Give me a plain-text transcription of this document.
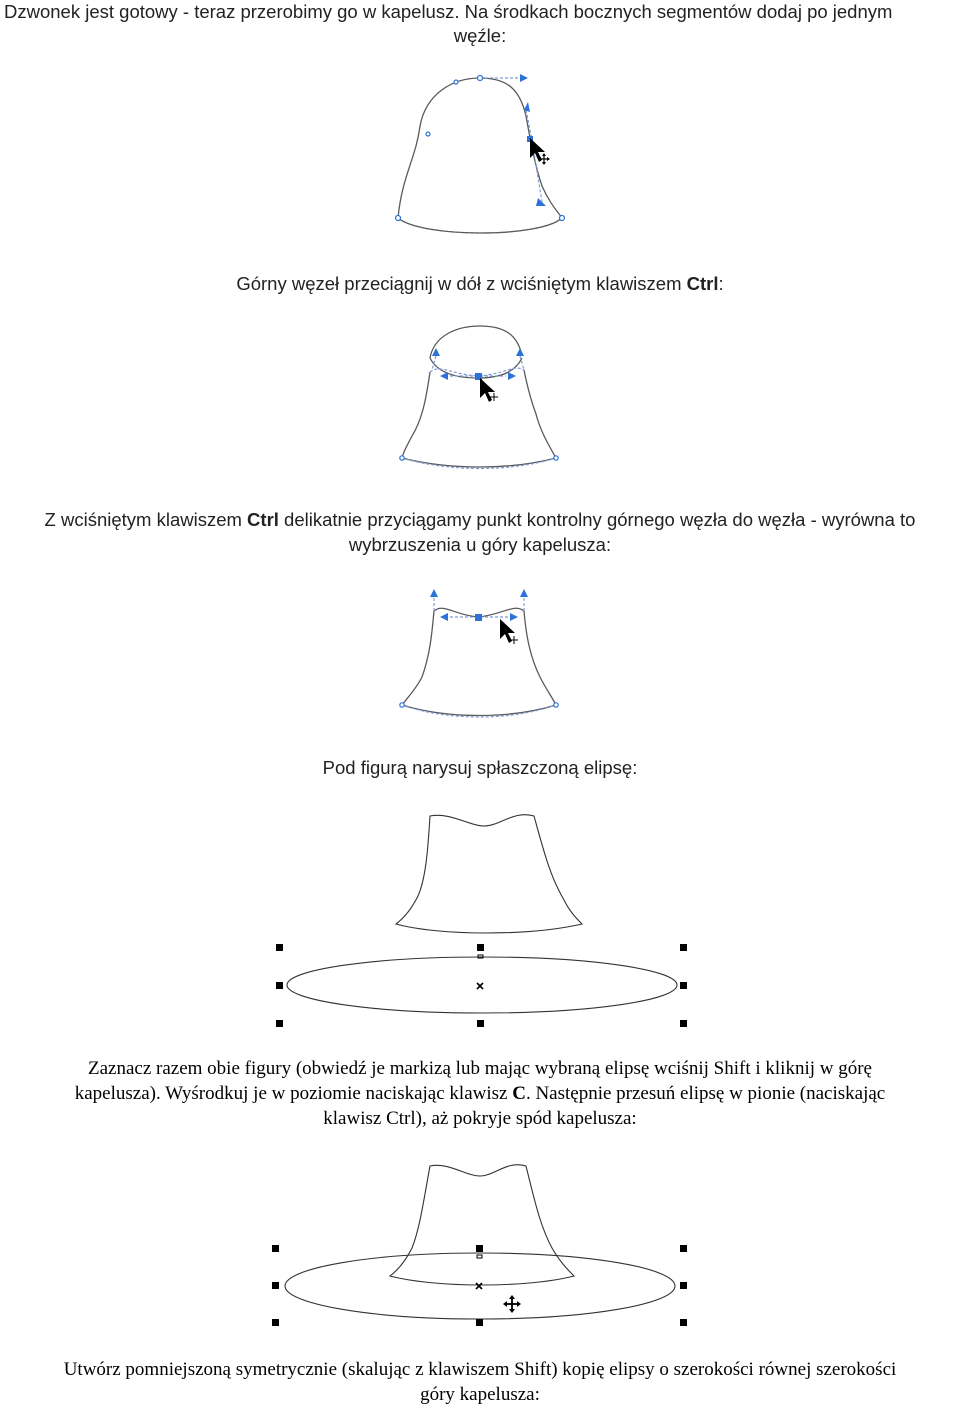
Dzwonek jest gotowy - teraz przerobimy go w kapelusz. Na środkach bocznych segmentów dodaj po jednym
węźle:
Górny węzeł przeciągnij w dół z wciśniętym klawiszem Ctrl:
Z wciśniętym klawiszem Ctrl delikatnie przyciągamy punkt kontrolny górnego węzła do węzła - wyrówna to
wybrzuszenia u góry kapelusza:
Pod figurą narysuj spłaszczoną elipsę:
Zaznacz razem obie figury (obwiedź je markizą lub mając wybraną elipsę wciśnij Shift i kliknij w górę
kapelusza). Wyśrodkuj je w poziomie naciskając klawisz C. Następnie przesuń elipsę w pionie (naciskając
klawisz Ctrl), aż pokryje spód kapelusza:
Utwórz pomniejszoną symetrycznie (skalując z klawiszem Shift) kopię elipsy o szerokości równej szerokości
góry kapelusza:
